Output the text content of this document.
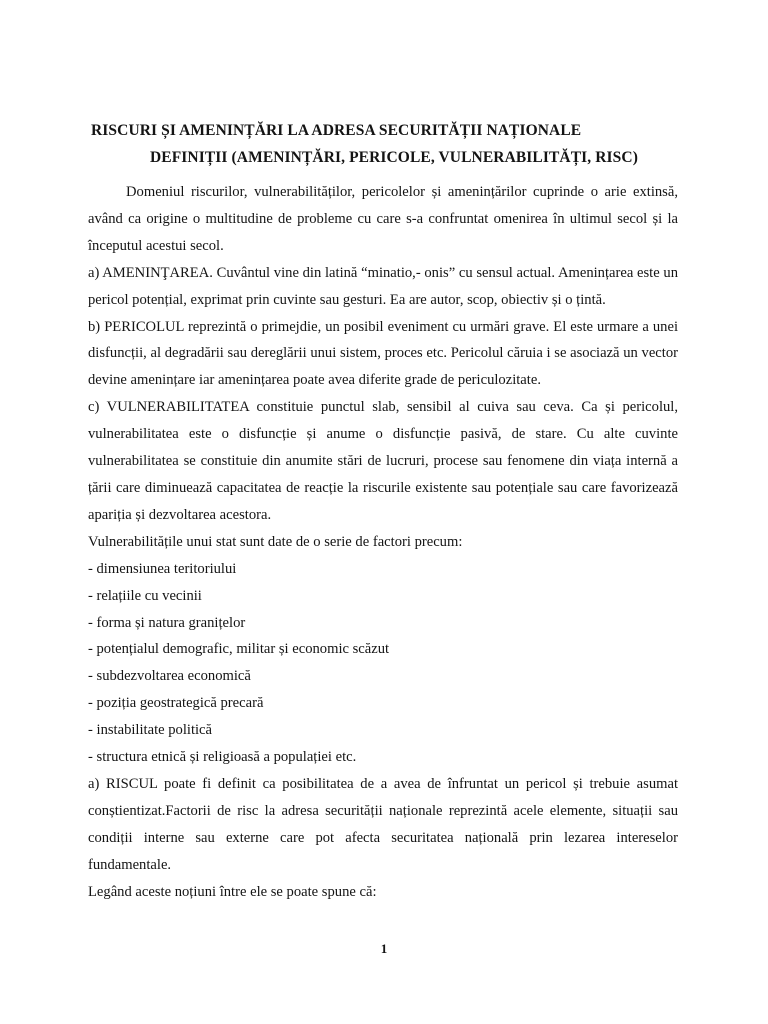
RISCURI ȘI AMENINȚĂRI LA ADRESA SECURITĂȚII NAȚIONALE
DEFINIȚII (AMENINȚĂRI, PERICOLE, VULNERABILITĂȚI, RISC)

Domeniul riscurilor, vulnerabilităților, pericolelor și amenințărilor cuprinde o arie extinsă, având ca origine o multitudine de probleme cu care s-a confruntat omenirea în ultimul secol și la începutul acestui secol.

a) AMENINŢAREA. Cuvântul vine din latină “minatio,- onis” cu sensul actual. Amenințarea este un pericol potențial, exprimat prin cuvinte sau gesturi. Ea are autor, scop, obiectiv și o țintă.

b) PERICOLUL reprezintă o primejdie, un posibil eveniment cu urmări grave. El este urmare a unei disfuncții, al degradării sau dereglării unui sistem, proces etc. Pericolul căruia i se asociază un vector devine amenințare iar amenințarea poate avea diferite grade de periculozitate.

c) VULNERABILITATEA constituie punctul slab, sensibil al cuiva sau ceva. Ca și pericolul, vulnerabilitatea este o disfuncție și anume o disfuncție pasivă, de stare. Cu alte cuvinte vulnerabilitatea se constituie din anumite stări de lucruri, procese sau fenomene din viața internă a țării care diminuează capacitatea de reacție la riscurile existente sau potențiale sau care favorizează apariția și dezvoltarea acestora.

Vulnerabilitățile unui stat sunt date de o serie de factori precum:

- dimensiunea teritoriului
- relațiile cu vecinii
- forma și natura granițelor
- potențialul demografic, militar și economic scăzut
- subdezvoltarea economică
- poziția geostrategică precară
- instabilitate politică
- structura etnică și religioasă a populației etc.

a) RISCUL poate fi definit ca posibilitatea de a avea de înfruntat un pericol și trebuie asumat conștientizat.Factorii de risc la adresa securității naționale reprezintă acele elemente, situații sau condiții interne sau externe care pot afecta securitatea națională prin lezarea intereselor fundamentale.

Legând aceste noțiuni între ele se poate spune că:

1
